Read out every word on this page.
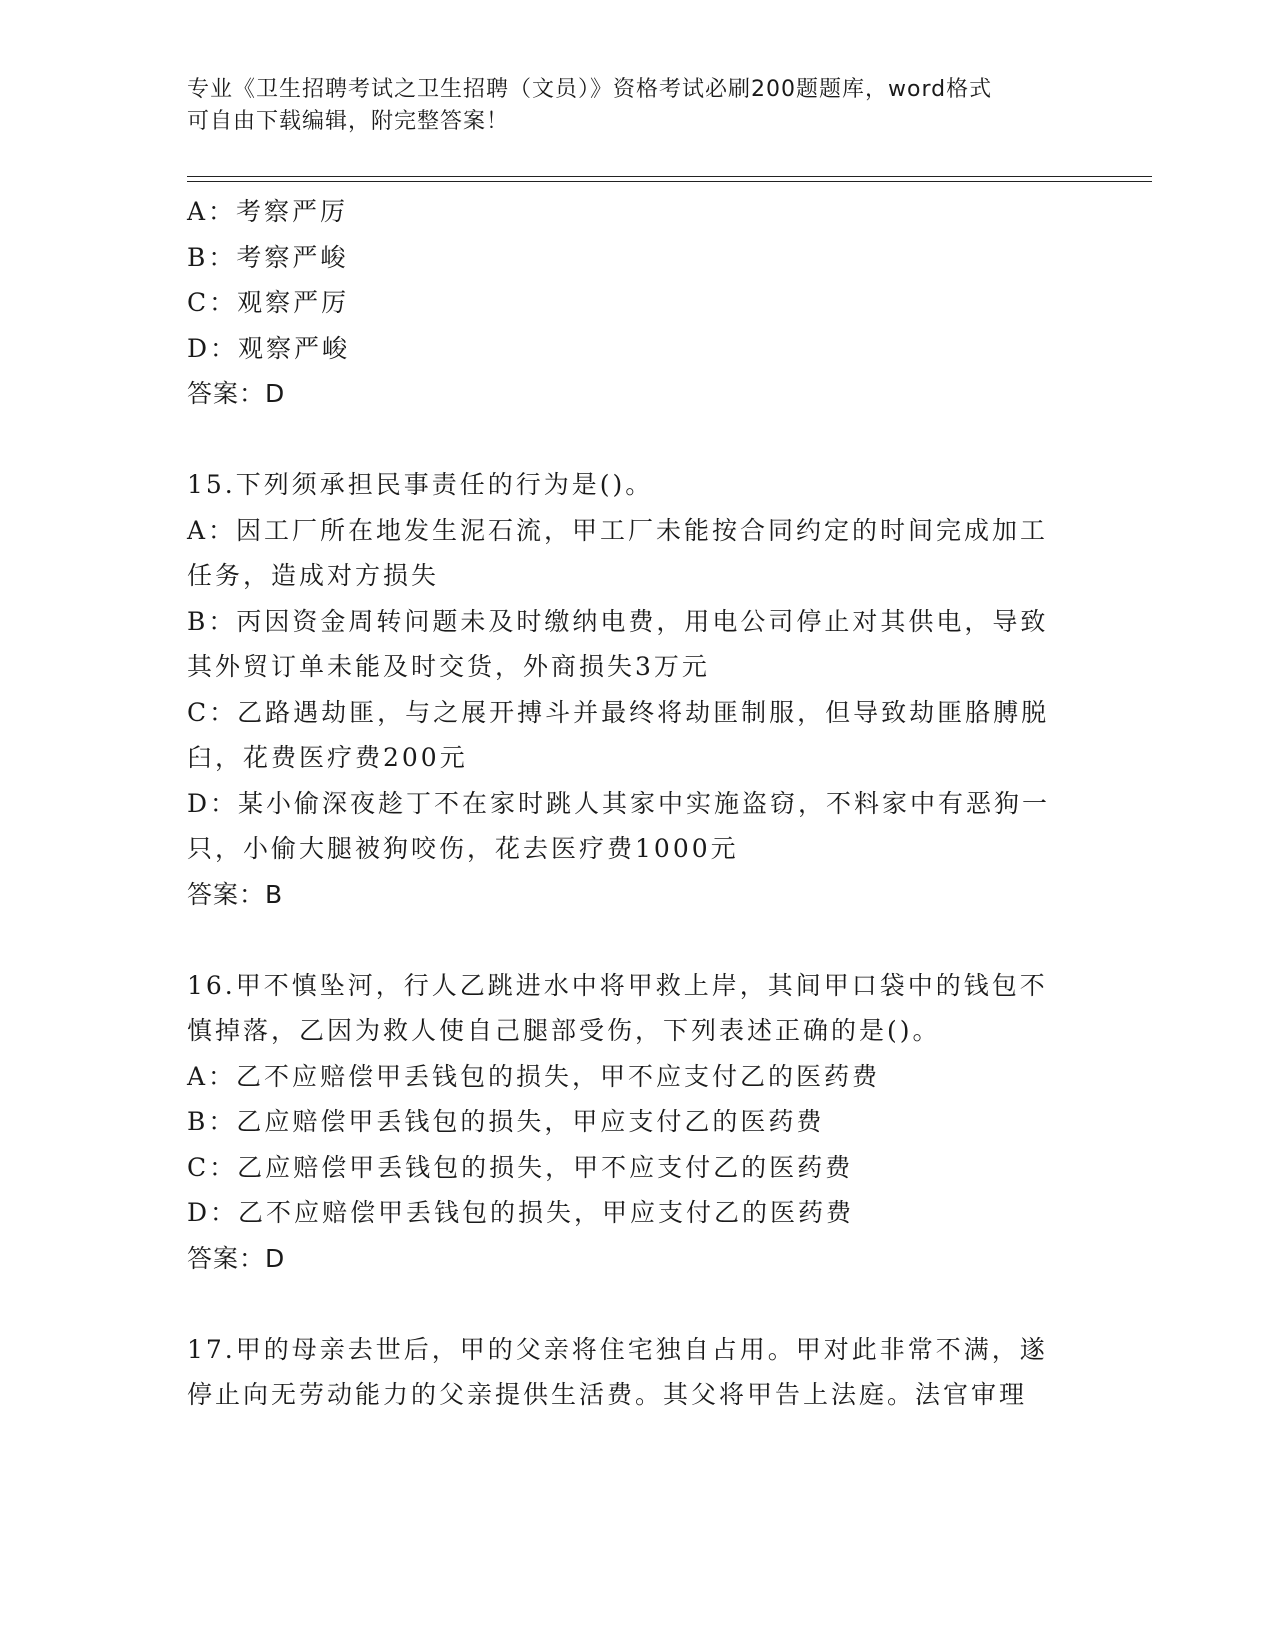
专业《卫生招聘考试之卫生招聘（文员）》资格考试必刷200题题库，word格式
可自由下载编辑，附完整答案！
A：考察严厉
B：考察严峻
C：观察严厉
D：观察严峻
答案：D
15.下列须承担民事责任的行为是()。
A：因工厂所在地发生泥石流，甲工厂未能按合同约定的时间完成加工
任务，造成对方损失
B：丙因资金周转问题未及时缴纳电费，用电公司停止对其供电，导致
其外贸订单未能及时交货，外商损失3万元
C：乙路遇劫匪，与之展开搏斗并最终将劫匪制服，但导致劫匪胳膊脱
臼，花费医疗费200元
D：某小偷深夜趁丁不在家时跳人其家中实施盗窃，不料家中有恶狗一
只，小偷大腿被狗咬伤，花去医疗费1000元
答案：B
16.甲不慎坠河，行人乙跳进水中将甲救上岸，其间甲口袋中的钱包不
慎掉落，乙因为救人使自己腿部受伤，下列表述正确的是()。
A：乙不应赔偿甲丢钱包的损失，甲不应支付乙的医药费
B：乙应赔偿甲丢钱包的损失，甲应支付乙的医药费
C：乙应赔偿甲丢钱包的损失，甲不应支付乙的医药费
D：乙不应赔偿甲丢钱包的损失，甲应支付乙的医药费
答案：D
17.甲的母亲去世后，甲的父亲将住宅独自占用。甲对此非常不满，遂
停止向无劳动能力的父亲提供生活费。其父将甲告上法庭。法官审理
